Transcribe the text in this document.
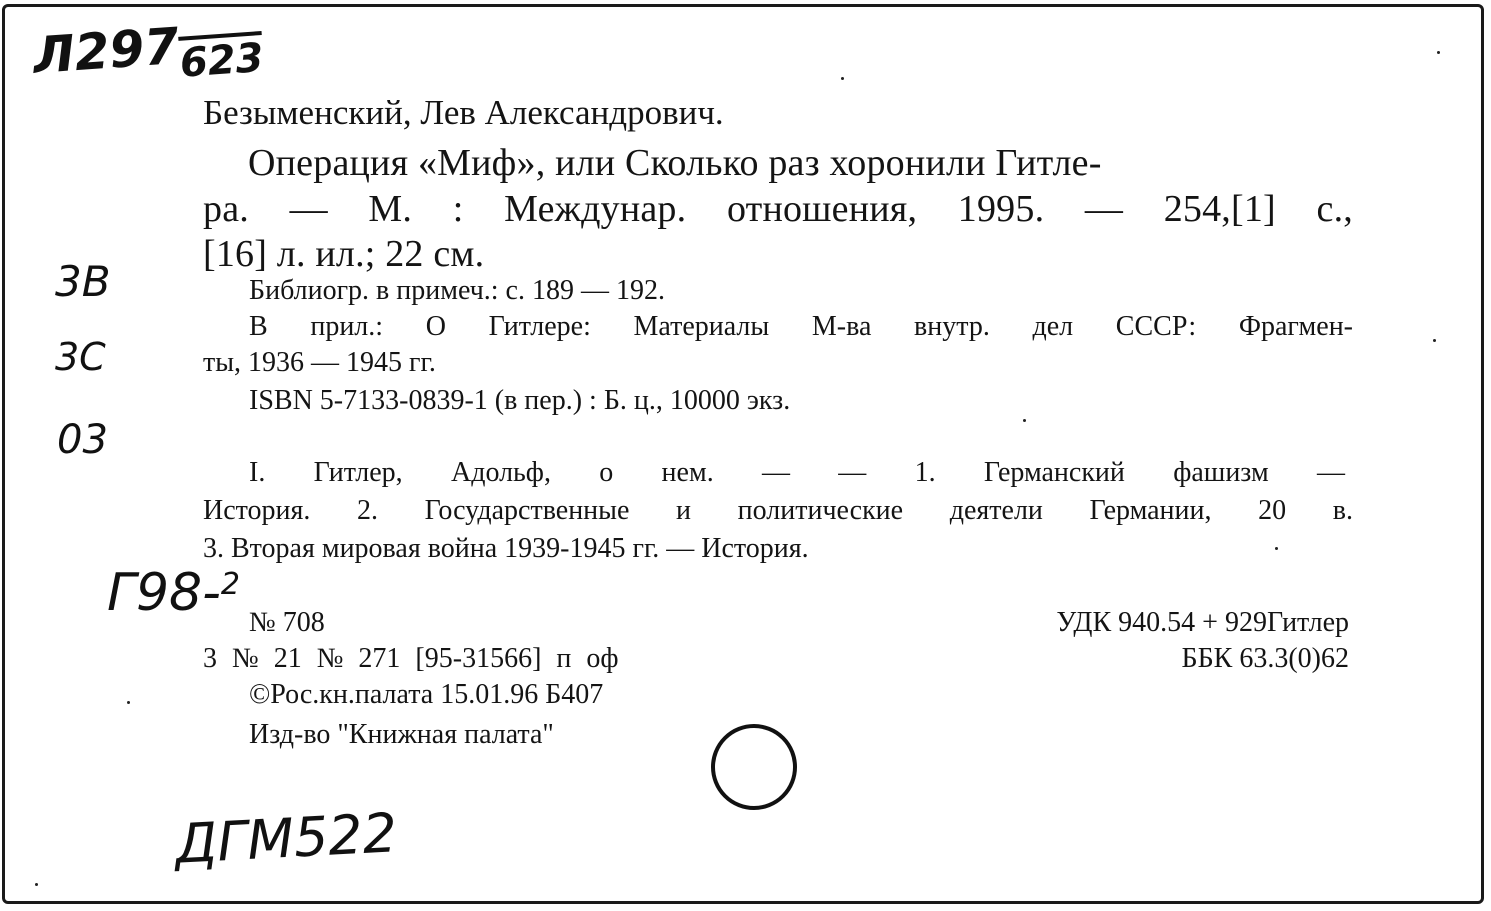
$Л297_{623}$
3В
3С
03
Г98-$^2$
ДГМ522
Безыменский, Лев Александрович.
Операция «Миф», или Сколько раз хоронили Гитле-
ра. — М. : Междунар. отношения, 1995. — 254,[1] с.,
[16] л. ил.; 22 см.
Библиогр. в примеч.: с. 189 — 192.
В прил.: О Гитлере: Материалы М-ва внутр. дел СССР: Фрагмен-
ты, 1936 — 1945 гг.
ISBN 5-7133-0839-1 (в пер.) : Б. ц., 10000 экз.
I. Гитлер, Адольф, о нем. — — 1. Германский фашизм —
История. 2. Государственные и политические деятели Германии, 20 в.
3. Вторая мировая война 1939-1945 гг. — История.
№ 708	УДК 940.54 + 929Гитлер
3 № 21 № 271 [95-31566] п оф	ББК 63.3(0)62
©Рос.кн.палата 15.01.96 Б407
Изд-во "Книжная палата"
